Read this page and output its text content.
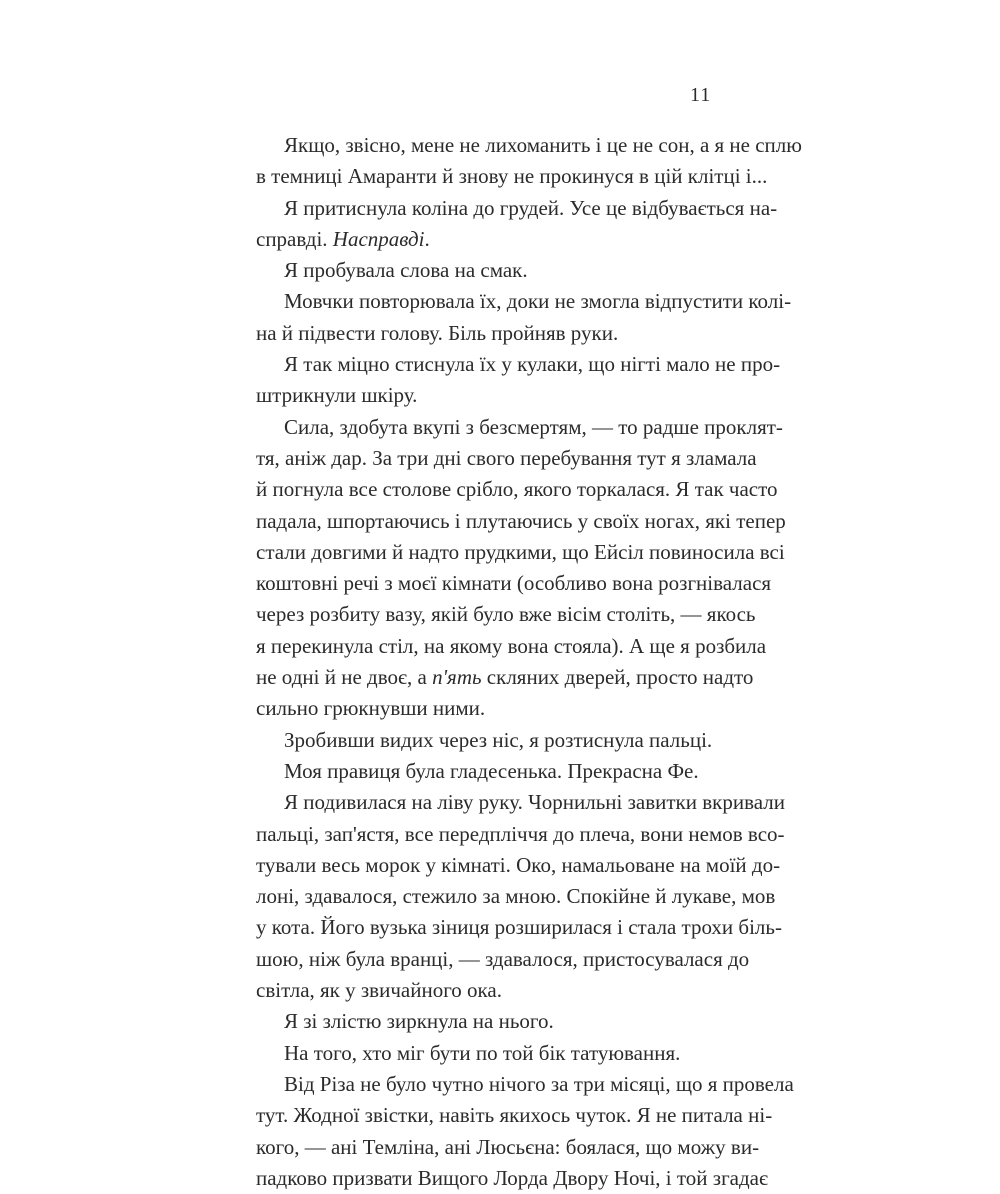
11
Якщо, звісно, мене не лихоманить і це не сон, а я не сплю
в темниці Амаранти й знову не прокинуся в цій клітці і...
Я притиснула коліна до грудей. Усе це відбувається на-
справді. Насправді.
Я пробувала слова на смак.
Мовчки повторювала їх, доки не змогла відпустити колі-
на й підвести голову. Біль пройняв руки.
Я так міцно стиснула їх у кулаки, що нігті мало не про-
штрикнули шкіру.
Сила, здобута вкупі з безсмертям, — то радше проклят-
тя, аніж дар. За три дні свого перебування тут я зламала
й погнула все столове срібло, якого торкалася. Я так часто
падала, шпортаючись і плутаючись у своїх ногах, які тепер
стали довгими й надто прудкими, що Ейсіл повиносила всі
коштовні речі з моєї кімнати (особливо вона розгнівалася
через розбиту вазу, якій було вже вісім століть, — якось
я перекинула стіл, на якому вона стояла). А ще я розбила
не одні й не двоє, а п'ять скляних дверей, просто надто
сильно грюкнувши ними.
Зробивши видих через ніс, я розтиснула пальці.
Моя правиця була гладесенька. Прекрасна Фе.
Я подивилася на ліву руку. Чорнильні завитки вкривали
пальці, зап'ястя, все передпліччя до плеча, вони немов всо-
тували весь морок у кімнаті. Око, намальоване на моїй до-
лоні, здавалося, стежило за мною. Спокійне й лукаве, мов
у кота. Його вузька зіниця розширилася і стала трохи біль-
шою, ніж була вранці, — здавалося, пристосувалася до
світла, як у звичайного ока.
Я зі злістю зиркнула на нього.
На того, хто міг бути по той бік татуювання.
Від Різа не було чутно нічого за три місяці, що я провела
тут. Жодної звістки, навіть якихось чуток. Я не питала ні-
кого, — ані Темліна, ані Люсьєна: боялася, що можу ви-
падково призвати Вищого Лорда Двору Ночі, і той згадає
